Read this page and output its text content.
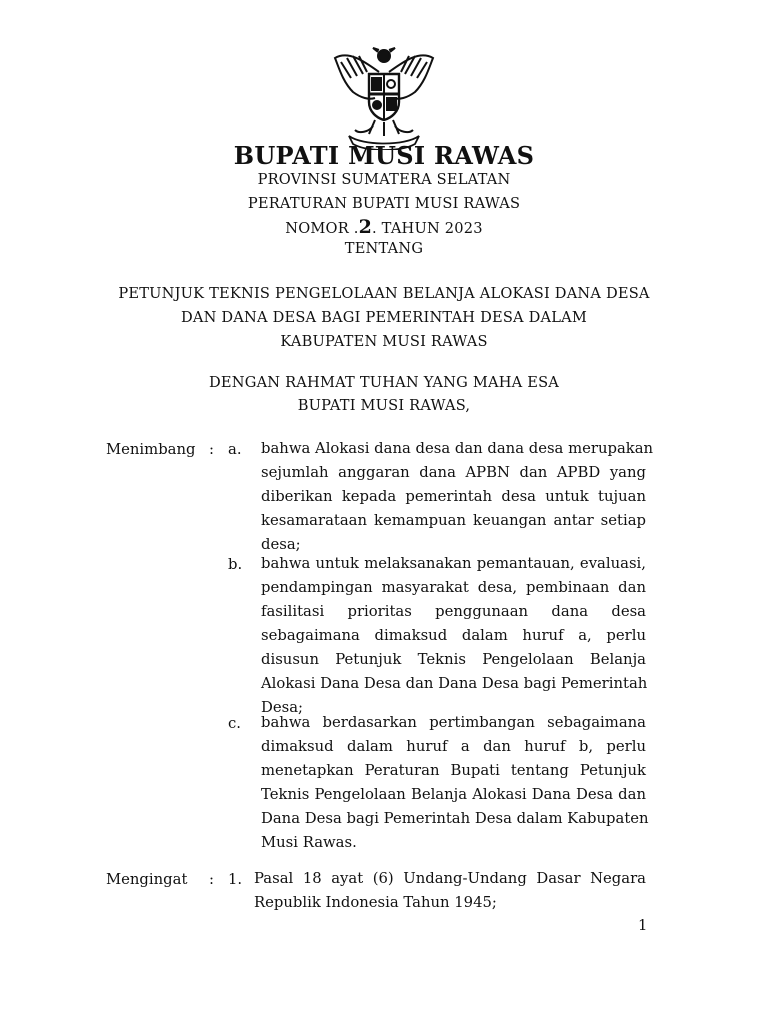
BUPATI MUSI RAWAS
PROVINSI SUMATERA SELATAN
PERATURAN BUPATI MUSI RAWAS
NOMOR .2. TAHUN 2023
TENTANG
PETUNJUK TEKNIS PENGELOLAAN BELANJA ALOKASI DANA DESA
DAN DANA DESA BAGI PEMERINTAH DESA DALAM
KABUPATEN MUSI RAWAS
DENGAN RAHMAT TUHAN YANG MAHA ESA
BUPATI MUSI RAWAS,
Menimbang : a. bahwa Alokasi dana desa dan dana desa merupakan
sejumlah anggaran dana APBN dan APBD yang
diberikan kepada pemerintah desa untuk tujuan
kesamarataan kemampuan keuangan antar setiap
desa;
b. bahwa untuk melaksanakan pemantauan, evaluasi,
pendampingan masyarakat desa, pembinaan dan
fasilitasi prioritas penggunaan dana desa
sebagaimana dimaksud dalam huruf a, perlu
disusun Petunjuk Teknis Pengelolaan Belanja
Alokasi Dana Desa dan Dana Desa bagi Pemerintah
Desa;
c. bahwa berdasarkan pertimbangan sebagaimana
dimaksud dalam huruf a dan huruf b, perlu
menetapkan Peraturan Bupati tentang Petunjuk
Teknis Pengelolaan Belanja Alokasi Dana Desa dan
Dana Desa bagi Pemerintah Desa dalam Kabupaten
Musi Rawas.
Mengingat : 1. Pasal 18 ayat (6) Undang-Undang Dasar Negara
Republik Indonesia Tahun 1945;
1
